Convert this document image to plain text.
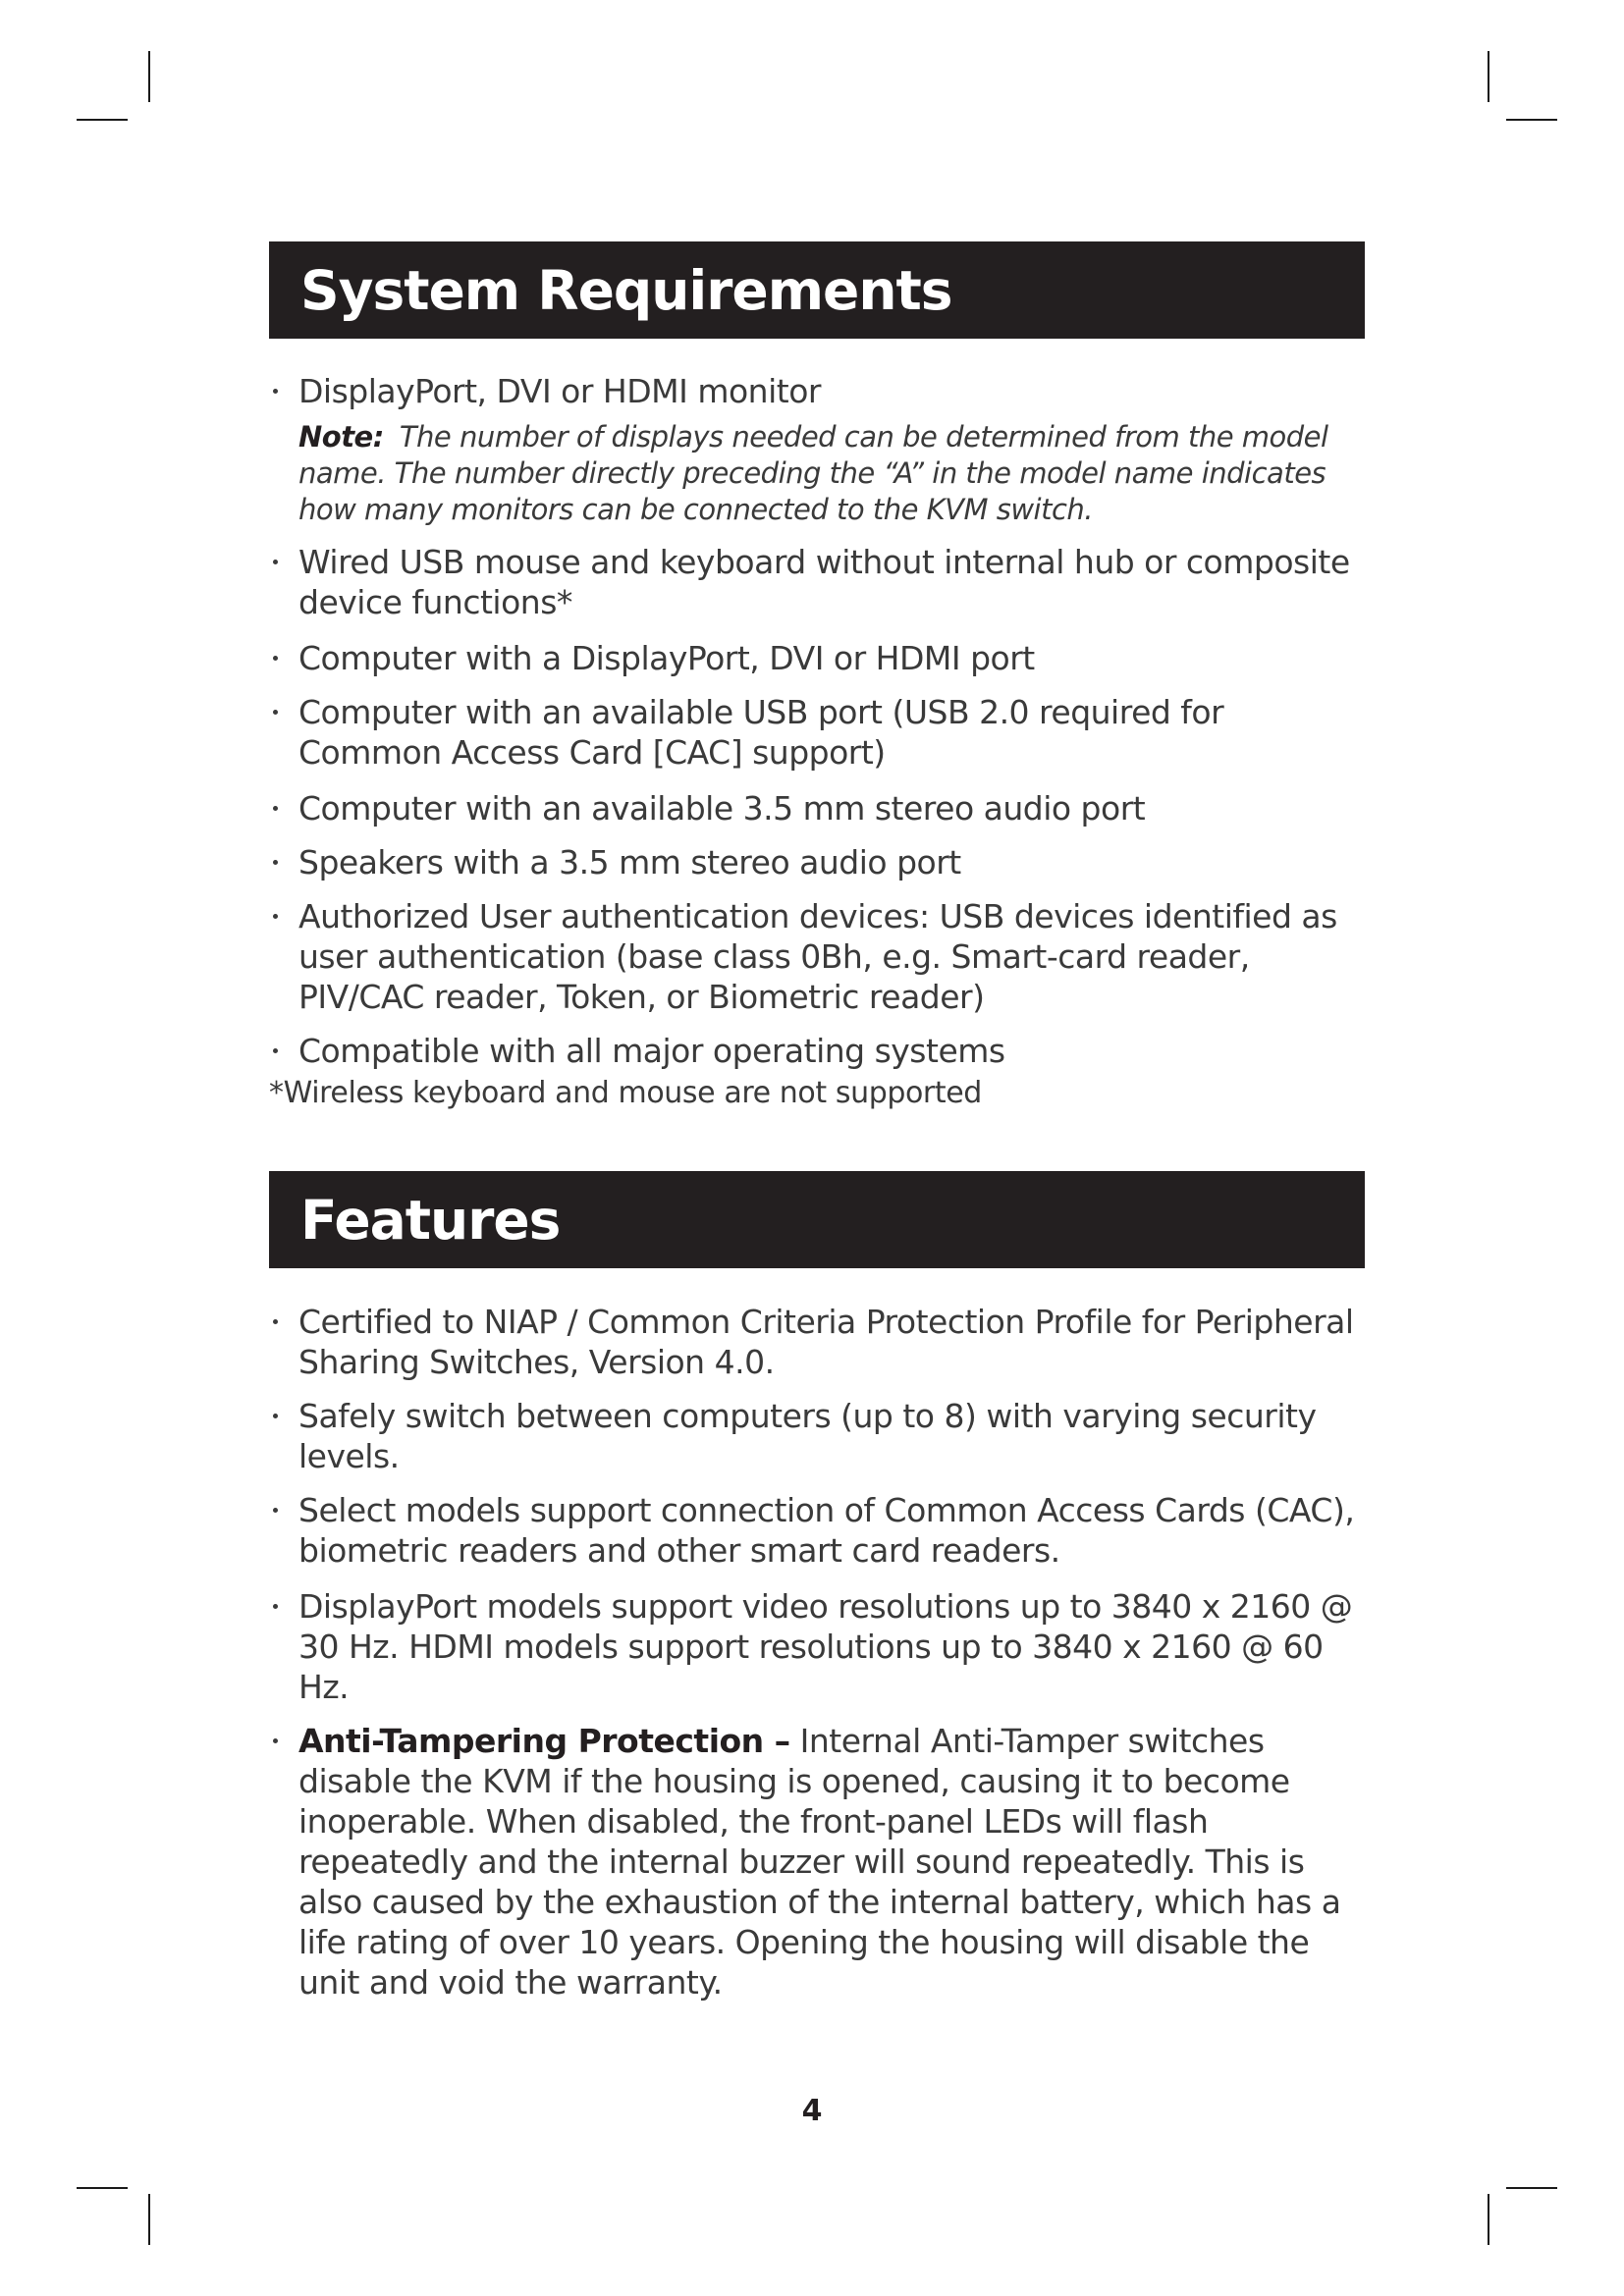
System Requirements
DisplayPort, DVI or HDMI monitor
Note: The number of displays needed can be determined from the model name. The number directly preceding the “A” in the model name indicates how many monitors can be connected to the KVM switch.
Wired USB mouse and keyboard without internal hub or composite device functions*
Computer with a DisplayPort, DVI or HDMI port
Computer with an available USB port (USB 2.0 required for Common Access Card [CAC] support)
Computer with an available 3.5 mm stereo audio port
Speakers with a 3.5 mm stereo audio port
Authorized User authentication devices: USB devices identified as user authentication (base class 0Bh, e.g. Smart-card reader, PIV/CAC reader, Token, or Biometric reader)
Compatible with all major operating systems
*Wireless keyboard and mouse are not supported
Features
Certified to NIAP / Common Criteria Protection Profile for Peripheral Sharing Switches, Version 4.0.
Safely switch between computers (up to 8) with varying security levels.
Select models support connection of Common Access Cards (CAC), biometric readers and other smart card readers.
DisplayPort models support video resolutions up to 3840 x 2160 @ 30 Hz. HDMI models support resolutions up to 3840 x 2160 @ 60 Hz.
Anti-Tampering Protection – Internal Anti-Tamper switches disable the KVM if the housing is opened, causing it to become inoperable. When disabled, the front-panel LEDs will flash repeatedly and the internal buzzer will sound repeatedly. This is also caused by the exhaustion of the internal battery, which has a life rating of over 10 years. Opening the housing will disable the unit and void the warranty.
4
